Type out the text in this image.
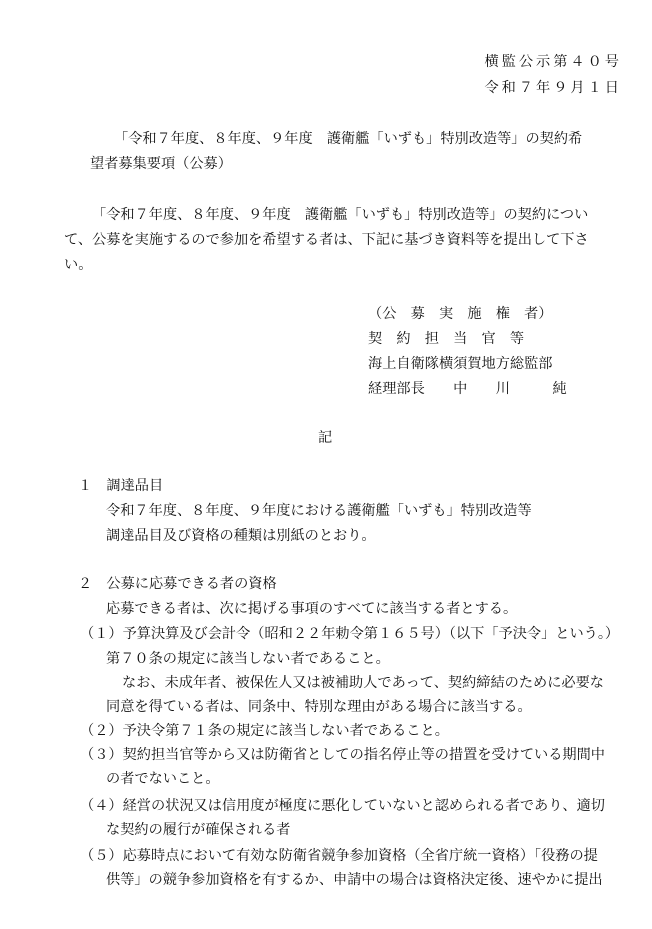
横監公示第４０号
令和７年９月１日
「令和７年度、８年度、９年度　護衛艦「いずも」特別改造等」の契約希
望者募集要項（公募）
「令和７年度、８年度、９年度　護衛艦「いずも」特別改造等」の契約につい
て、公募を実施するので参加を希望する者は、下記に基づき資料等を提出して下さ
い。
（公　募　実　施　権　者）
契　約　担　当　官　等
海上自衛隊横須賀地方総監部
経理部長　　中　　川　　　純
記
１　調達品目
令和７年度、８年度、９年度における護衛艦「いずも」特別改造等
調達品目及び資格の種類は別紙のとおり。
２　公募に応募できる者の資格
応募できる者は、次に掲げる事項のすべてに該当する者とする。
（１）予算決算及び会計令（昭和２２年勅令第１６５号）（以下「予決令」という。）
第７０条の規定に該当しない者であること。
なお、未成年者、被保佐人又は被補助人であって、契約締結のために必要な
同意を得ている者は、同条中、特別な理由がある場合に該当する。
（２）予決令第７１条の規定に該当しない者であること。
（３）契約担当官等から又は防衛省としての指名停止等の措置を受けている期間中
の者でないこと。
（４）経営の状況又は信用度が極度に悪化していないと認められる者であり、適切
な契約の履行が確保される者
（５）応募時点において有効な防衛省競争参加資格（全省庁統一資格）「役務の提
供等」の競争参加資格を有するか、申請中の場合は資格決定後、速やかに提出
